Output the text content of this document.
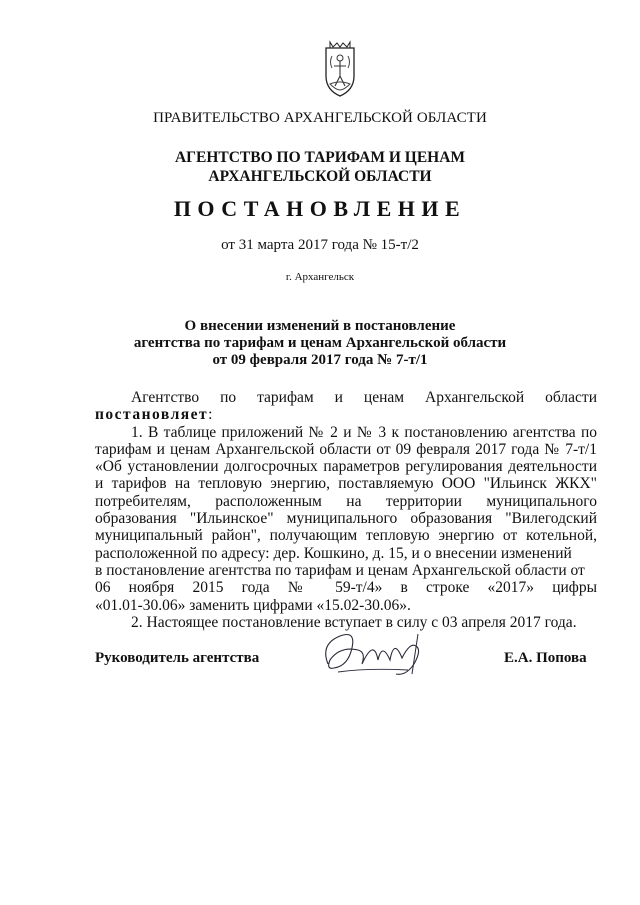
ПРАВИТЕЛЬСТВО АРХАНГЕЛЬСКОЙ ОБЛАСТИ
АГЕНТСТВО ПО ТАРИФАМ И ЦЕНАМ
АРХАНГЕЛЬСКОЙ ОБЛАСТИ
ПОСТАНОВЛЕНИЕ
от 31 марта 2017 года № 15-т/2
г. Архангельск
О внесении изменений в постановление
агентства по тарифам и ценам Архангельской области
от 09 февраля 2017 года № 7-т/1

Агентство по тарифам и ценам Архангельской области постановляет:

1. В таблице приложений № 2 и № 3 к постановлению агентства по тарифам и ценам Архангельской области от 09 февраля 2017 года № 7-т/1 «Об установлении долгосрочных параметров регулирования деятельности и тарифов на тепловую энергию, поставляемую ООО "Ильинск ЖКХ" потребителям, расположенным на территории муниципального образования "Ильинское" муниципального образования "Вилегодский муниципальный район", получающим тепловую энергию от котельной, расположенной по адресу: дер. Кошкино, д. 15, и о внесении изменений

в постановление агентства по тарифам и ценам Архангельской области от

06 ноября 2015 года № 59-т/4» в строке «2017» цифры

«01.01-30.06» заменить цифрами «15.02-30.06».

2. Настоящее постановление вступает в силу с 03 апреля 2017 года.

Руководитель агентства	Е.А. Попова
